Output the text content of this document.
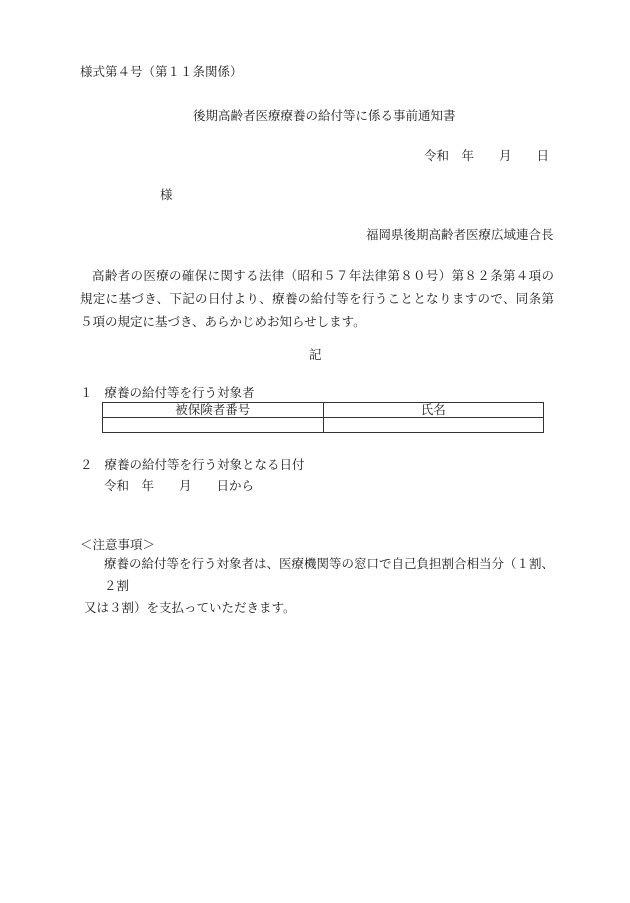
様式第４号（第１１条関係）
後期高齢者医療療養の給付等に係る事前通知書
令和　年　　月　　日
様
福岡県後期高齢者医療広域連合長
高齢者の医療の確保に関する法律（昭和５７年法律第８０号）第８２条第４項の規定に基づき、下記の日付より、療養の給付等を行うこととなりますので、同条第５項の規定に基づき、あらかじめお知らせします。
記
１ 療養の給付等を行う対象者
被保険者番号	氏名

２ 療養の給付等を行う対象となる日付
令和　年　　月　　日から
＜注意事項＞
療養の給付等を行う対象者は、医療機関等の窓口で自己負担割合相当分（１割、２割
又は３割）を支払っていただきます。
